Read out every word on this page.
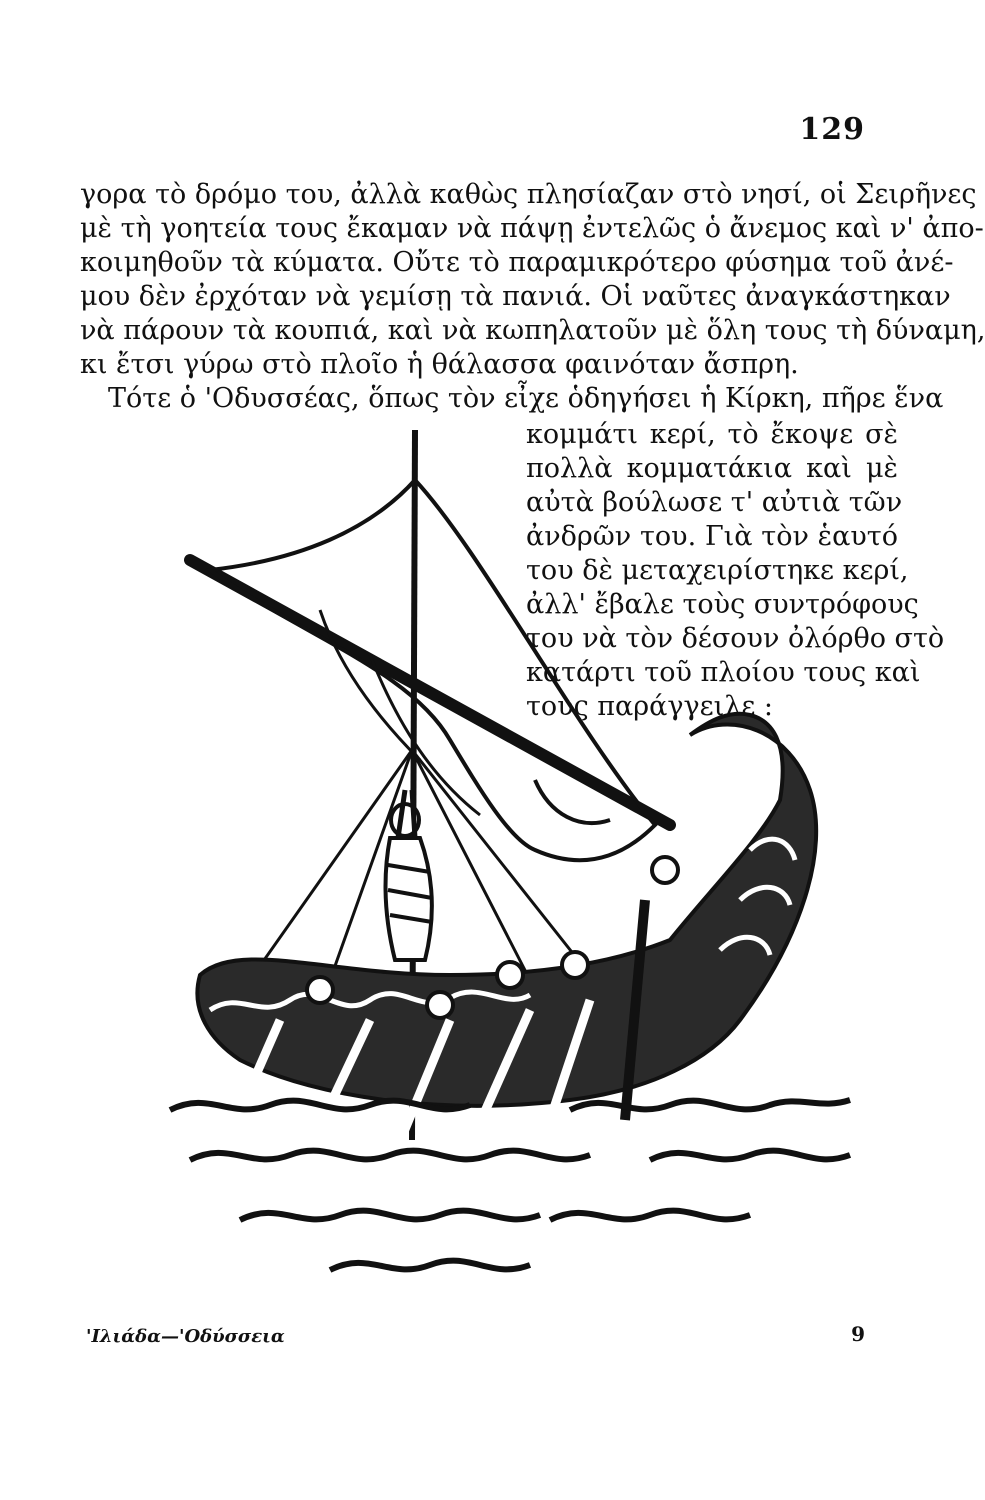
129
γορα τὸ δρόμο του, ἀλλὰ καθὼς πλησίαζαν στὸ νησί, οἱ Σειρῆνες
μὲ τὴ γοητεία τους ἔκαμαν νὰ πάψῃ ἐντελῶς ὁ ἄνεμος καὶ ν' ἀπο-
κοιμηθοῦν τὰ κύματα. Οὔτε τὸ παραμικρότερο φύσημα τοῦ ἀνέ-
μου δὲν ἐρχόταν νὰ γεμίσῃ τὰ πανιά. Οἱ ναῦτες ἀναγκάστηκαν
νὰ πάρουν τὰ κουπιά, καὶ νὰ κωπηλατοῦν μὲ ὅλη τους τὴ δύναμη,
κι ἔτσι γύρω στὸ πλοῖο ἡ θάλασσα φαινόταν ἄσπρη.
Τότε ὁ 'Οδυσσέας, ὅπως τὸν εἶχε ὁδηγήσει ἡ Κίρκη, πῆρε ἕνα
κομμάτι κερί, τὸ ἔκοψε σὲ
πολλὰ κομματάκια καὶ μὲ
αὐτὰ βούλωσε τ' αὐτιὰ τῶν
ἀνδρῶν του. Γιὰ τὸν ἑαυτό
του δὲ μεταχειρίστηκε κερί,
ἀλλ' ἔβαλε τοὺς συντρόφους
του νὰ τὸν δέσουν ὀλόρθο στὸ
κατάρτι τοῦ πλοίου τους καὶ
τοὺς παράγγειλε :
'Ιλιάδα—'Οδύσσεια	9
